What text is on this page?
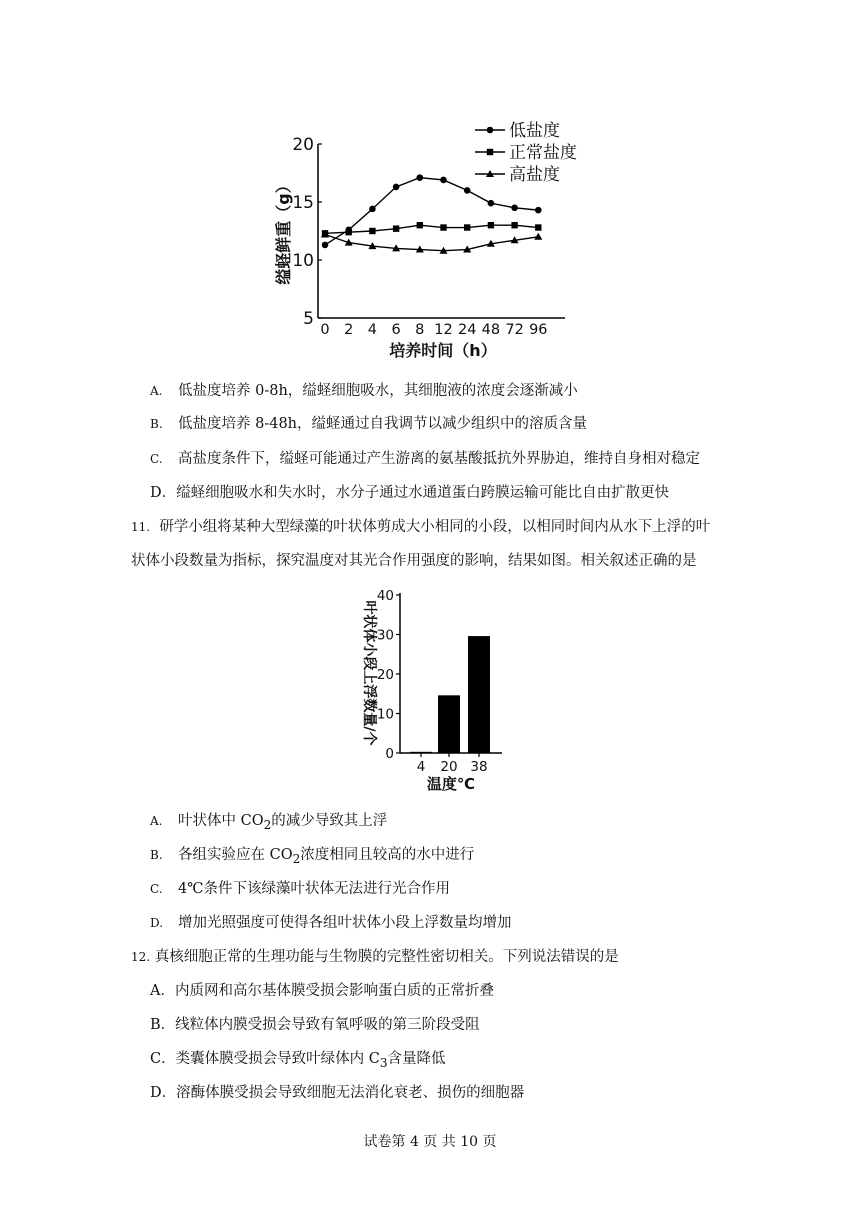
5
10
15
20
0 2 4 6 8 12 24 48 72 96
培养时间（h）
缢蛏鲜重（g）
低盐度
正常盐度
高盐度
A. 低盐度培养 0-8h，缢蛏细胞吸水，其细胞液的浓度会逐渐减小
B. 低盐度培养 8-48h，缢蛏通过自我调节以减少组织中的溶质含量
C. 高盐度条件下，缢蛏可能通过产生游离的氨基酸抵抗外界胁迫，维持自身相对稳定
D．缢蛏细胞吸水和失水时，水分子通过水通道蛋白跨膜运输可能比自由扩散更快
11. 研学小组将某种大型绿藻的叶状体剪成大小相同的小段，以相同时间内从水下上浮的叶
状体小段数量为指标，探究温度对其光合作用强度的影响，结果如图。相关叙述正确的是
0
10
20
30
40
4 20 38
温度℃
叶状体小段上浮数量/个
A. 叶状体中 $CO_2$的减少导致其上浮
B. 各组实验应在 $CO_2$浓度相同且较高的水中进行
C. 4℃条件下该绿藻叶状体无法进行光合作用
D. 增加光照强度可使得各组叶状体小段上浮数量均增加
12. 真核细胞正常的生理功能与生物膜的完整性密切相关。下列说法错误的是
A．内质网和高尔基体膜受损会影响蛋白质的正常折叠
B．线粒体内膜受损会导致有氧呼吸的第三阶段受阻
C．类囊体膜受损会导致叶绿体内 $C_3$含量降低
D．溶酶体膜受损会导致细胞无法消化衰老、损伤的细胞器
试卷第 4 页 共 10 页
